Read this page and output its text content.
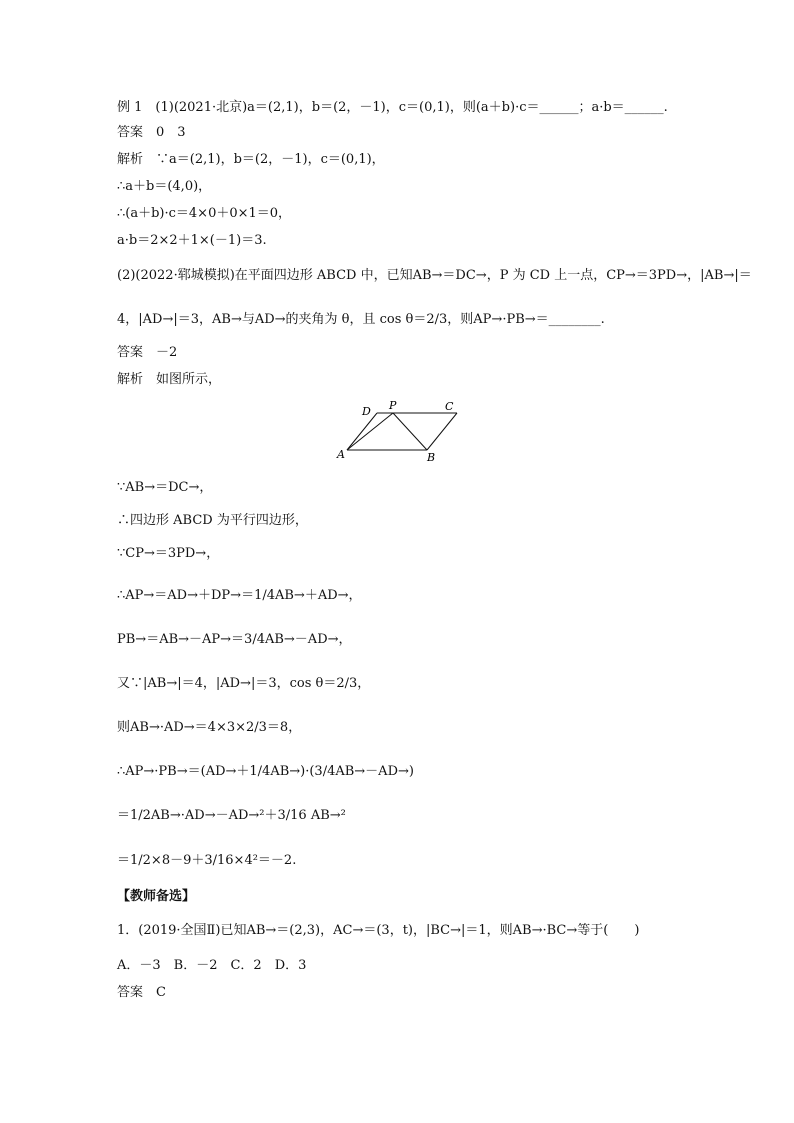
例 1　(1)(2021·北京)a＝(2,1)，b＝(2，－1)，c＝(0,1)，则(a＋b)·c＝______；a·b＝______.
答案　0　3
解析　∵a＝(2,1)，b＝(2，－1)，c＝(0,1)，
∴a＋b＝(4,0)，
∴(a＋b)·c＝4×0＋0×1＝0，
a·b＝2×2＋1×(－1)＝3.
(2)(2022·郓城模拟)在平面四边形 ABCD 中，已知AB→＝DC→，P 为 CD 上一点，CP→＝3PD→，|AB→|＝
4，|AD→|＝3，AB→与AD→的夹角为 θ，且 cos θ＝2/3，则AP→·PB→＝________.
答案　－2
解析　如图所示，
A	B
C
D P
∵AB→＝DC→，
∴四边形 ABCD 为平行四边形，
∵CP→＝3PD→，
∴AP→＝AD→＋DP→＝1/4AB→＋AD→，
PB→＝AB→－AP→＝3/4AB→－AD→，
又∵|AB→|＝4，|AD→|＝3，cos θ＝2/3，
则AB→·AD→＝4×3×2/3＝8，
∴AP→·PB→＝(AD→＋1/4AB→)·(3/4AB→－AD→)
＝1/2AB→·AD→－AD→²＋3/16 AB→²
＝1/2×8－9＋3/16×4²＝－2.
【教师备选】
1．(2019·全国Ⅱ)已知AB→＝(2,3)，AC→＝(3，t)，|BC→|＝1，则AB→·BC→等于(　　)
A．－3　B．－2　C．2　D．3
答案　C
